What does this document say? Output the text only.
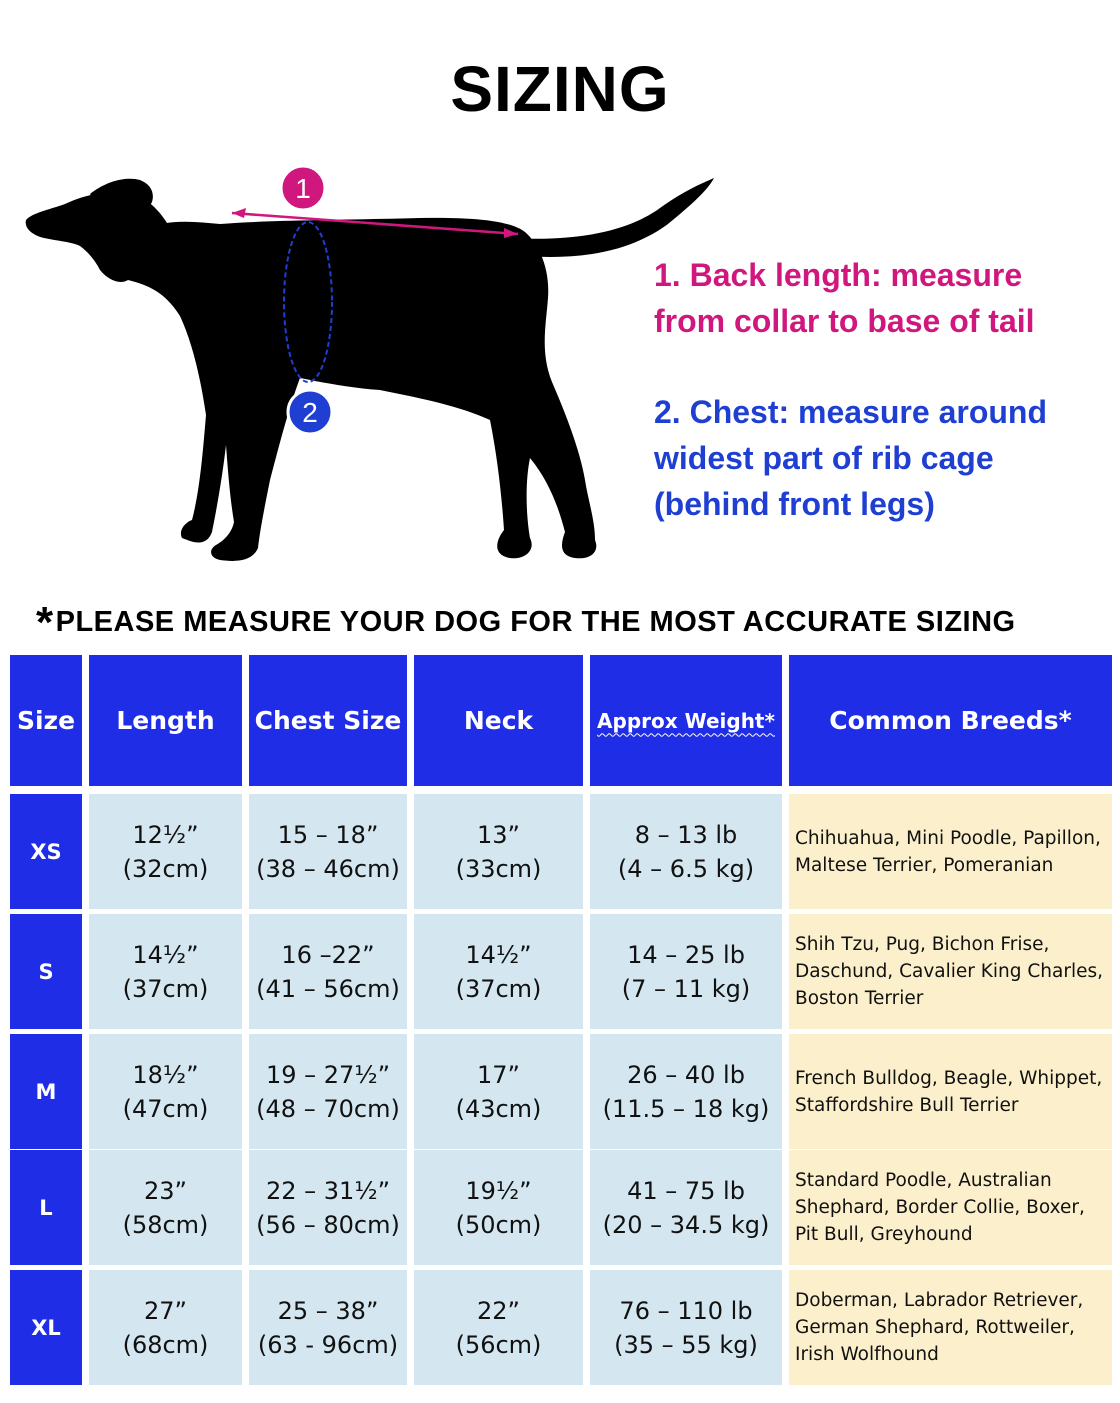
SIZING
1
2
1. Back length: measure
from collar to base of tail
2. Chest: measure around
widest part of rib cage
(behind front legs)
*PLEASE MEASURE YOUR DOG FOR THE MOST ACCURATE SIZING
Size Length Chest Size Neck	Approx Weight* Common Breeds*
XS
12½”
(32cm)
15 – 18”
(38 – 46cm)
13”
(33cm)
8 – 13 lb
(4 – 6.5 kg)
Chihuahua, Mini Poodle, Papillon,
Maltese Terrier, Pomeranian
S
14½”
(37cm)
16 –22”
(41 – 56cm)
14½”
(37cm)
14 – 25 lb
(7 – 11 kg)
Shih Tzu, Pug, Bichon Frise,
Daschund, Cavalier King Charles,
Boston Terrier
M
18½”
(47cm)
19 – 27½”
(48 – 70cm)
17”
(43cm)
26 – 40 lb
(11.5 – 18 kg)
French Bulldog, Beagle, Whippet,
Staffordshire Bull Terrier
L
23”
(58cm)
22 – 31½”
(56 – 80cm)
19½”
(50cm)
41 – 75 lb
(20 – 34.5 kg)
Standard Poodle, Australian
Shephard, Border Collie, Boxer,
Pit Bull, Greyhound
XL
27”
(68cm)
25 – 38”
(63 - 96cm)
22”
(56cm)
76 – 110 lb
(35 – 55 kg)
Doberman, Labrador Retriever,
German Shephard, Rottweiler,
Irish Wolfhound
